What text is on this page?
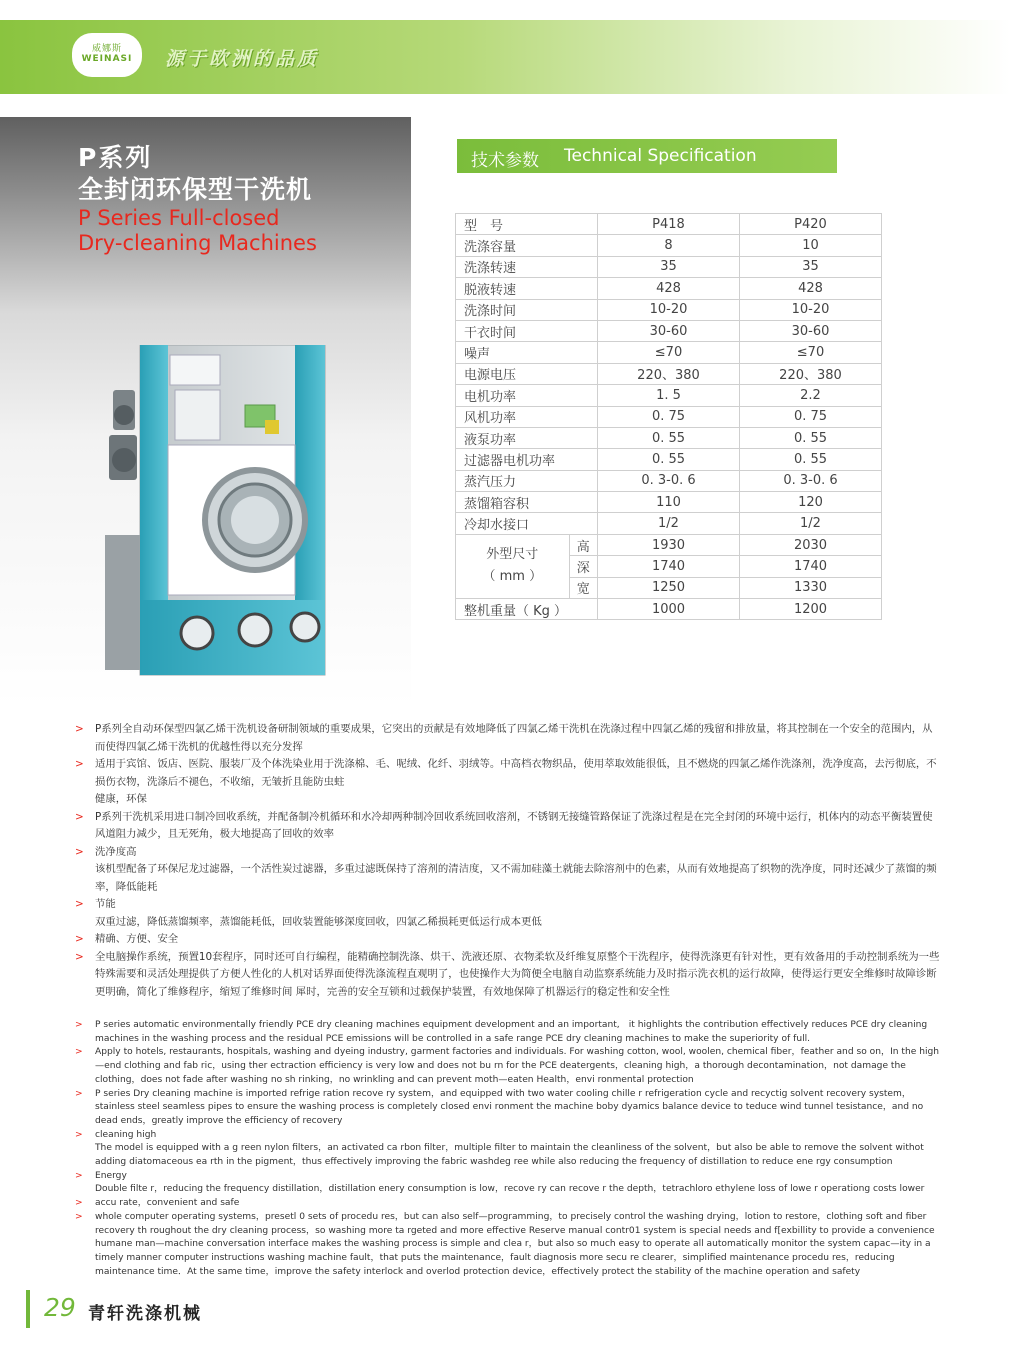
威娜斯
WEINASI	源于欧洲的品质
P系列
全封闭环保型干洗机
P Series Full-closed
Dry-cleaning Machines
技术参数 Technical Specification
型　号		P418	P420
洗涤容量		8	10
洗涤转速		35	35
脱液转速		428	428
洗涤时间		10-20	10-20
干衣时间		30-60	30-60
噪声		≤70	≤70
电源电压		220、380	220、380
电机功率		1. 5	2.2
风机功率		0. 75	0. 75
液泵功率		0. 55	0. 55
过滤器电机功率		0. 55	0. 55
蒸汽压力		0. 3-0. 6	0. 3-0. 6
蒸馏箱容积		110	120
冷却水接口		1/2	1/2

外型尺寸
（ mm ）	高	1930	2030
	深	1740	1740
	宽	1250	1330
整机重量（ Kg ）		1000	1200
> P系列全自动环保型四氯乙烯干洗机设备研制领域的重要成果，它突出的贡献是有效地降低了四氯乙烯干洗机在洗涤过程中四氯乙烯的残留和排放量，将其控制在一个安全的范围内，从而使得四氯乙烯干洗机的优越性得以充分发挥
> 适用于宾馆、饭店、医院、服装厂及个体洗染业用于洗涤棉、毛、呢绒、化纤、羽绒等。中高档衣物织品，使用萃取效能很低，且不燃烧的四氯乙烯作洗涤剂，洗净度高，去污彻底，不损伤衣物，洗涤后不褪色，不收缩，无皱折且能防虫蛀
健康，环保
> P系列干洗机采用进口制冷回收系统，并配备制冷机循环和水冷却两种制冷回收系统回收溶剂，不锈钢无接缝管路保证了洗涤过程是在完全封闭的环境中运行，机体内的动态平衡装置使风道阻力减少，且无死角，极大地提高了回收的效率
> 洗净度高
该机型配备了环保尼龙过滤器，一个活性炭过滤器，多重过滤既保持了溶剂的清洁度，又不需加硅藻土就能去除溶剂中的色素，从而有效地提高了织物的洗净度，同时还减少了蒸馏的频率，降低能耗
> 节能
双重过滤，降低蒸馏频率，蒸馏能耗低，回收装置能够深度回收，四氯乙稀损耗更低运行成本更低
> 精确、方便、安全
> 全电脑操作系统，预置10套程序，同时还可自行编程，能精确控制洗涤、烘干、洗液还原、衣物柔软及纤维复原整个干洗程序，使得洗涤更有针对性，更有效备用的手动控制系统为一些特殊需要和灵活处理提供了方便人性化的人机对话界面使得洗涤流程直观明了，也使操作大为简便全电脑自动监察系统能力及时指示洗衣机的运行故障，使得运行更安全维修时故障诊断更明确，简化了维修程序，缩短了维修时间 犀时，完善的安全互锁和过载保护装置，有效地保障了机器运行的稳定性和安全性
> P series automatic environmentally friendly PCE dry cleaning machines equipment development and an important,　it highlights the contribution effectively reduces PCE dry cleaning machines in the washing process and the residual PCE emissions will be controlled in a safe range PCE dry cleaning machines to make the superiority of full.
> Apply to hotels, restaurants, hospitals, washing and dyeing industry, garment factories and individuals. For washing cotton, wool, woolen, chemical fiber，feather and so on，In the high—end clothing and fab ric，using ther ectraction efficiency is very low and does not bu rn for the PCE deatergents，cleaning high，a thorough decontamination，not damage the clothing，does not fade after washing no sh rinking，no wrinkling and can prevent moth—eaten Health，envi ronmental protection
> P series Dry cleaning machine is imported refrige ration recove ry system，and equipped with two water cooling chille r refrigeration cycle and recyctig solvent recovery system，stainless steel seamless pipes to ensure the washing process is completely closed envi ronment the machine boby dyamics balance device to teduce wind tunnel tesistance，and no dead ends，greatly improve the efficiency of recovery
> cleaning high
The model is equipped with a g reen nylon filters，an activated ca rbon filter，multiple filter to maintain the cleanliness of the solvent，but also be able to remove the solvent withot adding diatomaceous ea rth in the pigment，thus effectively improving the fabric washdeg ree while also reducing the frequency of distillation to reduce ene rgy consumption
> Energy
Double filte r，reducing the frequency distillation，distillation enery consumption is low，recove ry can recove r the depth，tetrachloro ethylene loss of lowe r operationg costs lower
> accu rate，convenient and safe
> whole computer operating systems，presetl 0 sets of procedu res，but can also self—programming，to precisely control the washing drying，lotion to restore，clothing soft and fiber recovery th roughout the dry cleaning process，so washing more ta rgeted and more effective Reserve manual contr01 system is special needs and f[exbillity to provide a convenience humane man—machine conversation interface makes the washing process is simple and clea r，but also so much easy to operate all automatically monitor the system capac—ity in a timely manner computer instructions washing machine fault，that puts the maintenance，fault diagnosis more secu re clearer，simplified maintenance procedu res，reducing maintenance time．At the same time，improve the safety interlock and overlod protection device，effectively protect the stability of the machine operation and safety
29 青轩洗涤机械
